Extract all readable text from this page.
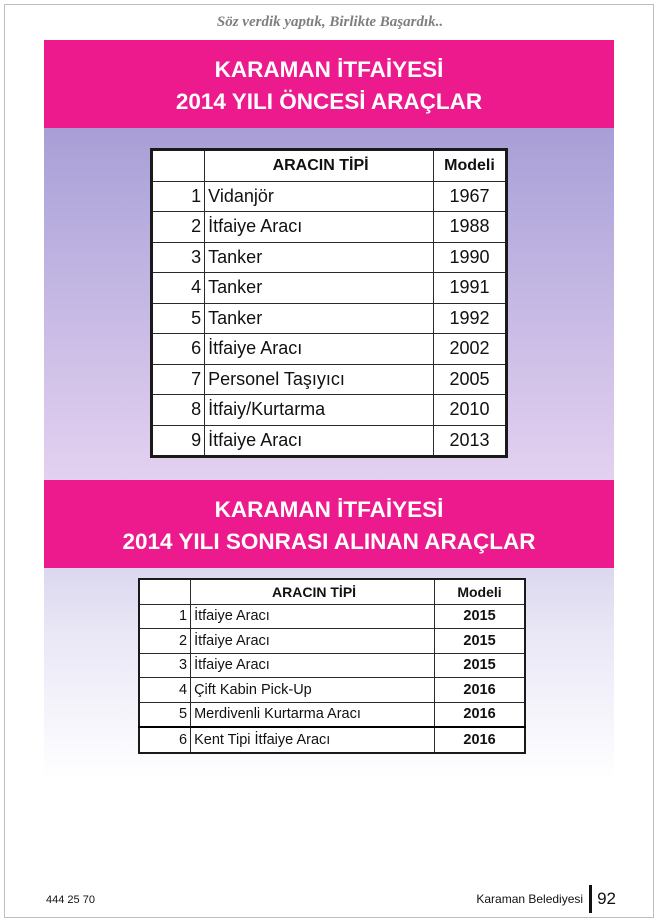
Söz verdik yaptık, Birlikte Başardık..
KARAMAN İTFAİYESİ
2014 YILI ÖNCESİ ARAÇLAR
	ARACIN TİPİ	Modeli
1	Vidanjör	1967
2	İtfaiye Aracı	1988
3	Tanker	1990
4	Tanker	1991
5	Tanker	1992
6	İtfaiye Aracı	2002
7	Personel Taşıyıcı	2005
8	İtfaiy/Kurtarma	2010
9	İtfaiye Aracı	2013
KARAMAN İTFAİYESİ
2014 YILI SONRASI ALINAN ARAÇLAR
	ARACIN TİPİ	Modeli
1	İtfaiye Aracı	2015
2	İtfaiye Aracı	2015
3	İtfaiye Aracı	2015
4	Çift Kabin Pick-Up	2016
5	Merdivenli Kurtarma Aracı	2016
6	Kent Tipi İtfaiye Aracı	2016
444 25 70	Karaman Belediyesi 92
